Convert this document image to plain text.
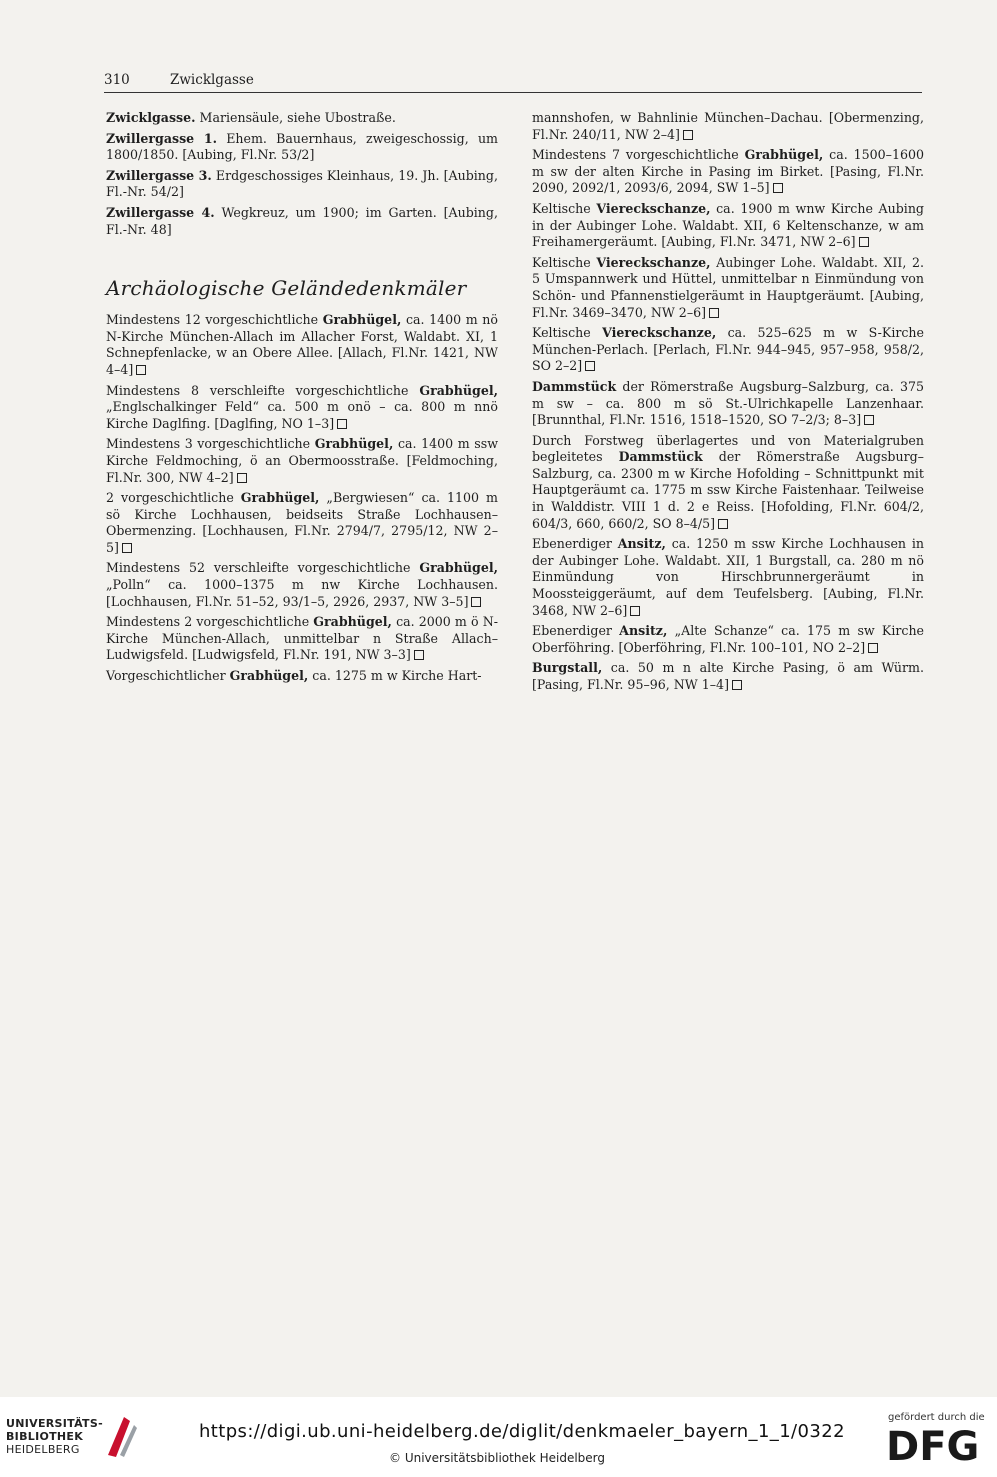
310	Zwicklgasse
Zwicklgasse. Mariensäule, siehe Ubostraße.
Zwillergasse 1. Ehem. Bauernhaus, zweigeschossig, um 1800/1850. [Aubing, Fl.Nr. 53/2]
Zwillergasse 3. Erdgeschossiges Kleinhaus, 19. Jh. [Aubing, Fl.-Nr. 54/2]
Zwillergasse 4. Wegkreuz, um 1900; im Garten. [Aubing, Fl.-Nr. 48]
Archäologische Geländedenkmäler
Mindestens 12 vorgeschichtliche Grabhügel, ca. 1400 m nö N-Kirche München-Allach im Allacher Forst, Waldabt. XI, 1 Schnepfenlacke, w an Obere Allee. [Allach, Fl.Nr. 1421, NW 4–4]
Mindestens 8 verschleifte vorgeschichtliche Grabhügel, „Englschalkinger Feld“ ca. 500 m onö – ca. 800 m nnö Kirche Daglfing. [Daglfing, NO 1–3]
Mindestens 3 vorgeschichtliche Grabhügel, ca. 1400 m ssw Kirche Feldmoching, ö an Obermoosstraße. [Feldmoching, Fl.Nr. 300, NW 4–2]
2 vorgeschichtliche Grabhügel, „Bergwiesen“ ca. 1100 m sö Kirche Lochhausen, beidseits Straße Lochhausen–Obermenzing. [Lochhausen, Fl.Nr. 2794/7, 2795/12, NW 2–5]
Mindestens 52 verschleifte vorgeschichtliche Grabhügel, „Polln“ ca. 1000–1375 m nw Kirche Lochhausen. [Lochhausen, Fl.Nr. 51–52, 93/1–5, 2926, 2937, NW 3–5]
Mindestens 2 vorgeschichtliche Grabhügel, ca. 2000 m ö N-Kirche München-Allach, unmittelbar n Straße Allach–Ludwigsfeld. [Ludwigsfeld, Fl.Nr. 191, NW 3–3]
Vorgeschichtlicher Grabhügel, ca. 1275 m w Kirche Hart-
mannshofen, w Bahnlinie München–Dachau. [Obermenzing, Fl.Nr. 240/11, NW 2–4]
Mindestens 7 vorgeschichtliche Grabhügel, ca. 1500–1600 m sw der alten Kirche in Pasing im Birket. [Pasing, Fl.Nr. 2090, 2092/1, 2093/6, 2094, SW 1–5]
Keltische Viereckschanze, ca. 1900 m wnw Kirche Aubing in der Aubinger Lohe. Waldabt. XII, 6 Keltenschanze, w am Freihamergeräumt. [Aubing, Fl.Nr. 3471, NW 2–6]
Keltische Viereckschanze, Aubinger Lohe. Waldabt. XII, 2. 5 Umspannwerk und Hüttel, unmittelbar n Einmündung von Schön- und Pfannenstielgeräumt in Hauptgeräumt. [Aubing, Fl.Nr. 3469–3470, NW 2–6]
Keltische Viereckschanze, ca. 525–625 m w S-Kirche München-Perlach. [Perlach, Fl.Nr. 944–945, 957–958, 958/2, SO 2–2]
Dammstück der Römerstraße Augsburg–Salzburg, ca. 375 m sw – ca. 800 m sö St.-Ulrichkapelle Lanzenhaar. [Brunnthal, Fl.Nr. 1516, 1518–1520, SO 7–2/3; 8–3]
Durch Forstweg überlagertes und von Materialgruben begleitetes Dammstück der Römerstraße Augsburg–Salzburg, ca. 2300 m w Kirche Hofolding – Schnittpunkt mit Hauptgeräumt ca. 1775 m ssw Kirche Faistenhaar. Teilweise in Walddistr. VIII 1 d. 2 e Reiss. [Hofolding, Fl.Nr. 604/2, 604/3, 660, 660/2, SO 8–4/5]
Ebenerdiger Ansitz, ca. 1250 m ssw Kirche Lochhausen in der Aubinger Lohe. Waldabt. XII, 1 Burgstall, ca. 280 m nö Einmündung von Hirschbrunnergeräumt in Moossteiggeräumt, auf dem Teufelsberg. [Aubing, Fl.Nr. 3468, NW 2–6]
Ebenerdiger Ansitz, „Alte Schanze“ ca. 175 m sw Kirche Oberföhring. [Oberföhring, Fl.Nr. 100–101, NO 2–2]
Burgstall, ca. 50 m n alte Kirche Pasing, ö am Würm. [Pasing, Fl.Nr. 95–96, NW 1–4]
UNIVERSITÄTS-
BIBLIOTHEK
HEIDELBERG
https://digi.ub.uni-heidelberg.de/diglit/denkmaeler_bayern_1_1/0322
© Universitätsbibliothek Heidelberg
gefördert durch die
DFG
